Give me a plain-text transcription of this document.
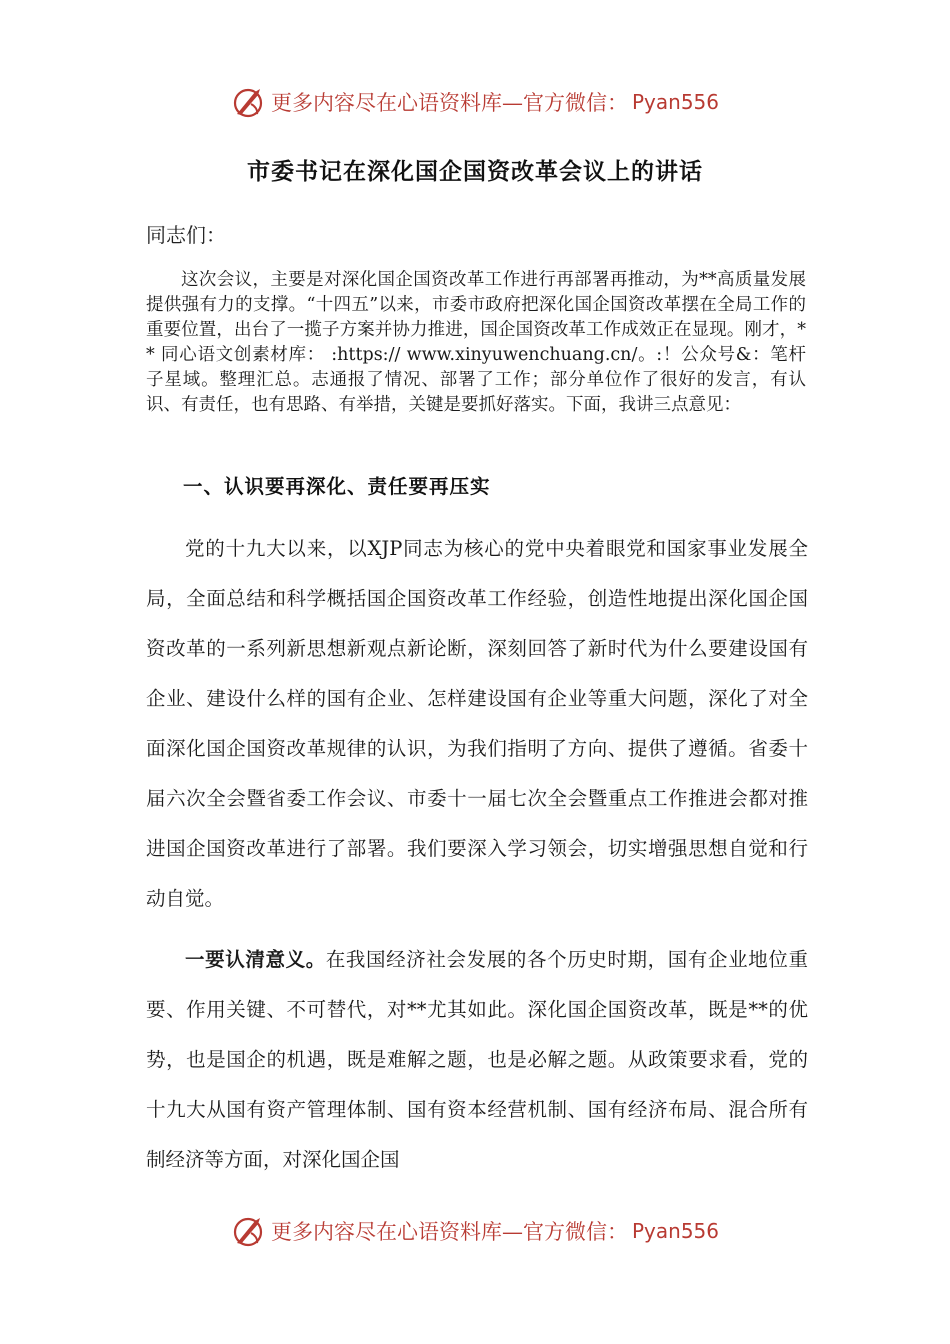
更多内容尽在心语资料库—官方微信： Pyan556
市委书记在深化国企国资改革会议上的讲话
同志们：
这次会议，主要是对深化国企国资改革工作进行再部署再推动，为**高质量发展提供强有力的支撑。“十四五”以来，市委市政府把深化国企国资改革摆在全局工作的重要位置，出台了一揽子方案并协力推进，国企国资改革工作成效正在显现。刚才，** 同心语文创素材库： :https:// www.xinyuwenchuang.cn/。:！公众号&：笔杆子星域。整理汇总。志通报了情况、部署了工作；部分单位作了很好的发言，有认识、有责任，也有思路、有举措，关键是要抓好落实。下面，我讲三点意见：
一、认识要再深化、责任要再压实
党的十九大以来，以XJP同志为核心的党中央着眼党和国家事业发展全局，全面总结和科学概括国企国资改革工作经验，创造性地提出深化国企国资改革的一系列新思想新观点新论断，深刻回答了新时代为什么要建设国有企业、建设什么样的国有企业、怎样建设国有企业等重大问题，深化了对全面深化国企国资改革规律的认识，为我们指明了方向、提供了遵循。省委十届六次全会暨省委工作会议、市委十一届七次全会暨重点工作推进会都对推进国企国资改革进行了部署。我们要深入学习领会，切实增强思想自觉和行动自觉。
一要认清意义。在我国经济社会发展的各个历史时期，国有企业地位重要、作用关键、不可替代，对**尤其如此。深化国企国资改革，既是**的优势，也是国企的机遇，既是难解之题，也是必解之题。从政策要求看，党的十九大从国有资产管理体制、国有资本经营机制、国有经济布局、混合所有制经济等方面，对深化国企国
更多内容尽在心语资料库—官方微信： Pyan556
